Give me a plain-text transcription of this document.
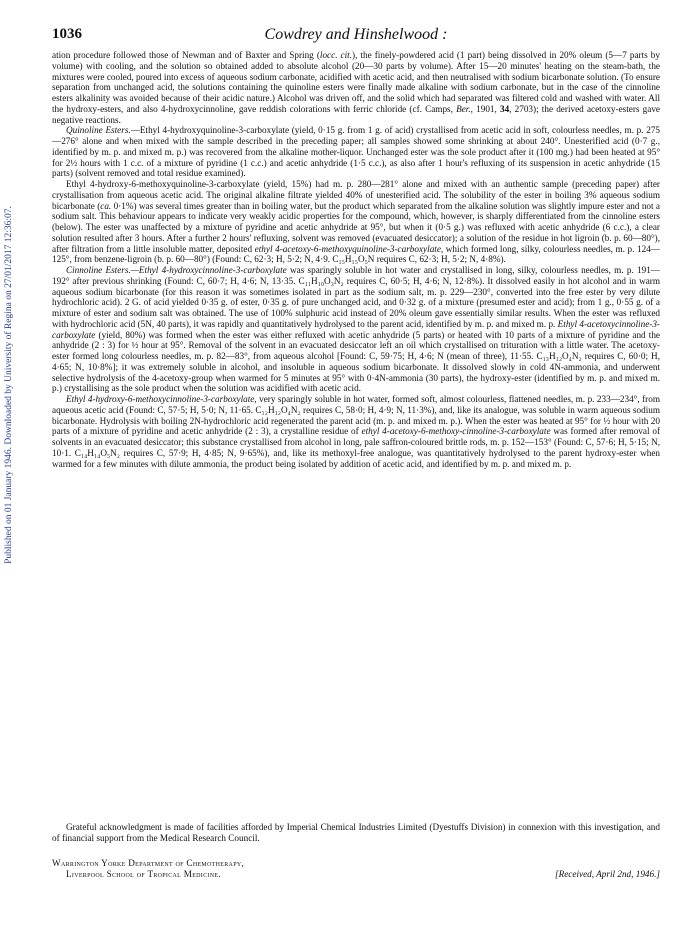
Published on 01 January 1946. Downloaded by University of Regina on 27/01/2017 12:36:07.
1036	Cowdrey and Hinshelwood :

ation procedure followed those of Newman and of Baxter and Spring (locc. cit.), the finely-powdered acid (1 part) being dissolved in 20% oleum (5—7 parts by volume) with cooling, and the solution so obtained added to absolute alcohol (20—30 parts by volume). After 15—20 minutes' heating on the steam-bath, the mixtures were cooled, poured into excess of aqueous sodium carbonate, acidified with acetic acid, and then neutralised with sodium bicarbonate solution. (To ensure separation from unchanged acid, the solutions containing the quinoline esters were finally made alkaline with sodium carbonate, but in the case of the cinnoline esters alkalinity was avoided because of their acidic nature.) Alcohol was driven off, and the solid which had separated was filtered cold and washed with water. All the hydroxy-esters, and also 4-hydroxycinnoline, gave reddish colorations with ferric chloride (cf. Camps, Ber., 1901, 34, 2703); the derived acetoxy-esters gave negative reactions.

Quinoline Esters.—Ethyl 4-hydroxyquinoline-3-carboxylate (yield, 0·15 g. from 1 g. of acid) crystallised from acetic acid in soft, colourless needles, m. p. 275—276° alone and when mixed with the sample described in the preceding paper; all samples showed some shrinking at about 240°. Unesterified acid (0·7 g., identified by m. p. and mixed m. p.) was recovered from the alkaline mother-liquor. Unchanged ester was the sole product after it (100 mg.) had been heated at 95° for 2½ hours with 1 c.c. of a mixture of pyridine (1 c.c.) and acetic anhydride (1·5 c.c.), as also after 1 hour's refluxing of its suspension in acetic anhydride (15 parts) (solvent removed and total residue examined).

Ethyl 4-hydroxy-6-methoxyquinoline-3-carboxylate (yield, 15%) had m. p. 280—281° alone and mixed with an authentic sample (preceding paper) after crystallisation from aqueous acetic acid. The original alkaline filtrate yielded 40% of unesterified acid. The solubility of the ester in boiling 3% aqueous sodium bicarbonate (ca. 0·1%) was several times greater than in boiling water, but the product which separated from the alkaline solution was slightly impure ester and not a sodium salt. This behaviour appears to indicate very weakly acidic properties for the compound, which, however, is sharply differentiated from the cinnoline esters (below). The ester was unaffected by a mixture of pyridine and acetic anhydride at 95°, but when it (0·5 g.) was refluxed with acetic anhydride (6 c.c.), a clear solution resulted after 3 hours. After a further 2 hours' refluxing, solvent was removed (evacuated desiccator); a solution of the residue in hot ligroin (b. p. 60—80°), after filtration from a little insoluble matter, deposited ethyl 4-acetoxy-6-methoxyquinoline-3-carboxylate, which formed long, silky, colourless needles, m. p. 124—125°, from benzene-ligroin (b. p. 60—80°) (Found: C, 62·3; H, 5·2; N, 4·9. C₁₅H₁₅O₅N requires C, 62·3; H, 5·2; N, 4·8%).

Cinnoline Esters.—Ethyl 4-hydroxycinnoline-3-carboxylate was sparingly soluble in hot water and crystallised in long, silky, colourless needles, m. p. 191—192° after previous shrinking (Found: C, 60·7; H, 4·6; N, 13·35. C₁₁H₁₀O₃N₂ requires C, 60·5; H, 4·6; N, 12·8%). It dissolved easily in hot alcohol and in warm aqueous sodium bicarbonate (for this reason it was sometimes isolated in part as the sodium salt, m. p. 229—230°, converted into the free ester by very dilute hydrochloric acid). 2 G. of acid yielded 0·35 g. of ester, 0·35 g. of pure unchanged acid, and 0·32 g. of a mixture (presumed ester and acid); from 1 g., 0·55 g. of a mixture of ester and sodium salt was obtained. The use of 100% sulphuric acid instead of 20% oleum gave essentially similar results. When the ester was refluxed with hydrochloric acid (5N, 40 parts), it was rapidly and quantitatively hydrolysed to the parent acid, identified by m. p. and mixed m. p. Ethyl 4-acetoxycinnoline-3-carboxylate (yield, 80%) was formed when the ester was either refluxed with acetic anhydride (5 parts) or heated with 10 parts of a mixture of pyridine and the anhydride (2 : 3) for ½ hour at 95°. Removal of the solvent in an evacuated desiccator left an oil which crystallised on trituration with a little water. The acetoxy-ester formed long colourless needles, m. p. 82—83°, from aqueous alcohol [Found: C, 59·75; H, 4·6; N (mean of three), 11·55. C₁₃H₁₂O₄N₂ requires C, 60·0; H, 4·65; N, 10·8%]; it was extremely soluble in alcohol, and insoluble in aqueous sodium bicarbonate. It dissolved slowly in cold 4N-ammonia, and underwent selective hydrolysis of the 4-acetoxy-group when warmed for 5 minutes at 95° with 0·4N-ammonia (30 parts), the hydroxy-ester (identified by m. p. and mixed m. p.) crystallising as the sole product when the solution was acidified with acetic acid.

Ethyl 4-hydroxy-6-methoxycinnoline-3-carboxylate, very sparingly soluble in hot water, formed soft, almost colourless, flattened needles, m. p. 233—234°, from aqueous acetic acid (Found: C, 57·5; H, 5·0; N, 11·65. C₁₂H₁₂O₄N₂ requires C, 58·0; H, 4·9; N, 11·3%), and, like its analogue, was soluble in warm aqueous sodium bicarbonate. Hydrolysis with boiling 2N-hydrochloric acid regenerated the parent acid (m. p. and mixed m. p.). When the ester was heated at 95° for ½ hour with 20 parts of a mixture of pyridine and acetic anhydride (2 : 3), a crystalline residue of ethyl 4-acetoxy-6-methoxy-cinnoline-3-carboxylate was formed after removal of solvents in an evacuated desiccator; this substance crystallised from alcohol in long, pale saffron-coloured brittle rods, m. p. 152—153° (Found: C, 57·6; H, 5·15; N, 10·1. C₁₄H₁₄O₅N₂ requires C, 57·9; H, 4·85; N, 9·65%), and, like its methoxyl-free analogue, was quantitatively hydrolysed to the parent hydroxy-ester when warmed for a few minutes with dilute ammonia, the product being isolated by addition of acetic acid, and identified by m. p. and mixed m. p.

Grateful acknowledgment is made of facilities afforded by Imperial Chemical Industries Limited (Dyestuffs Division) in connexion with this investigation, and of financial support from the Medical Research Council.

Warrington Yorke Department of Chemotherapy,
Liverpool School of Tropical Medicine.	[Received, April 2nd, 1946.]
